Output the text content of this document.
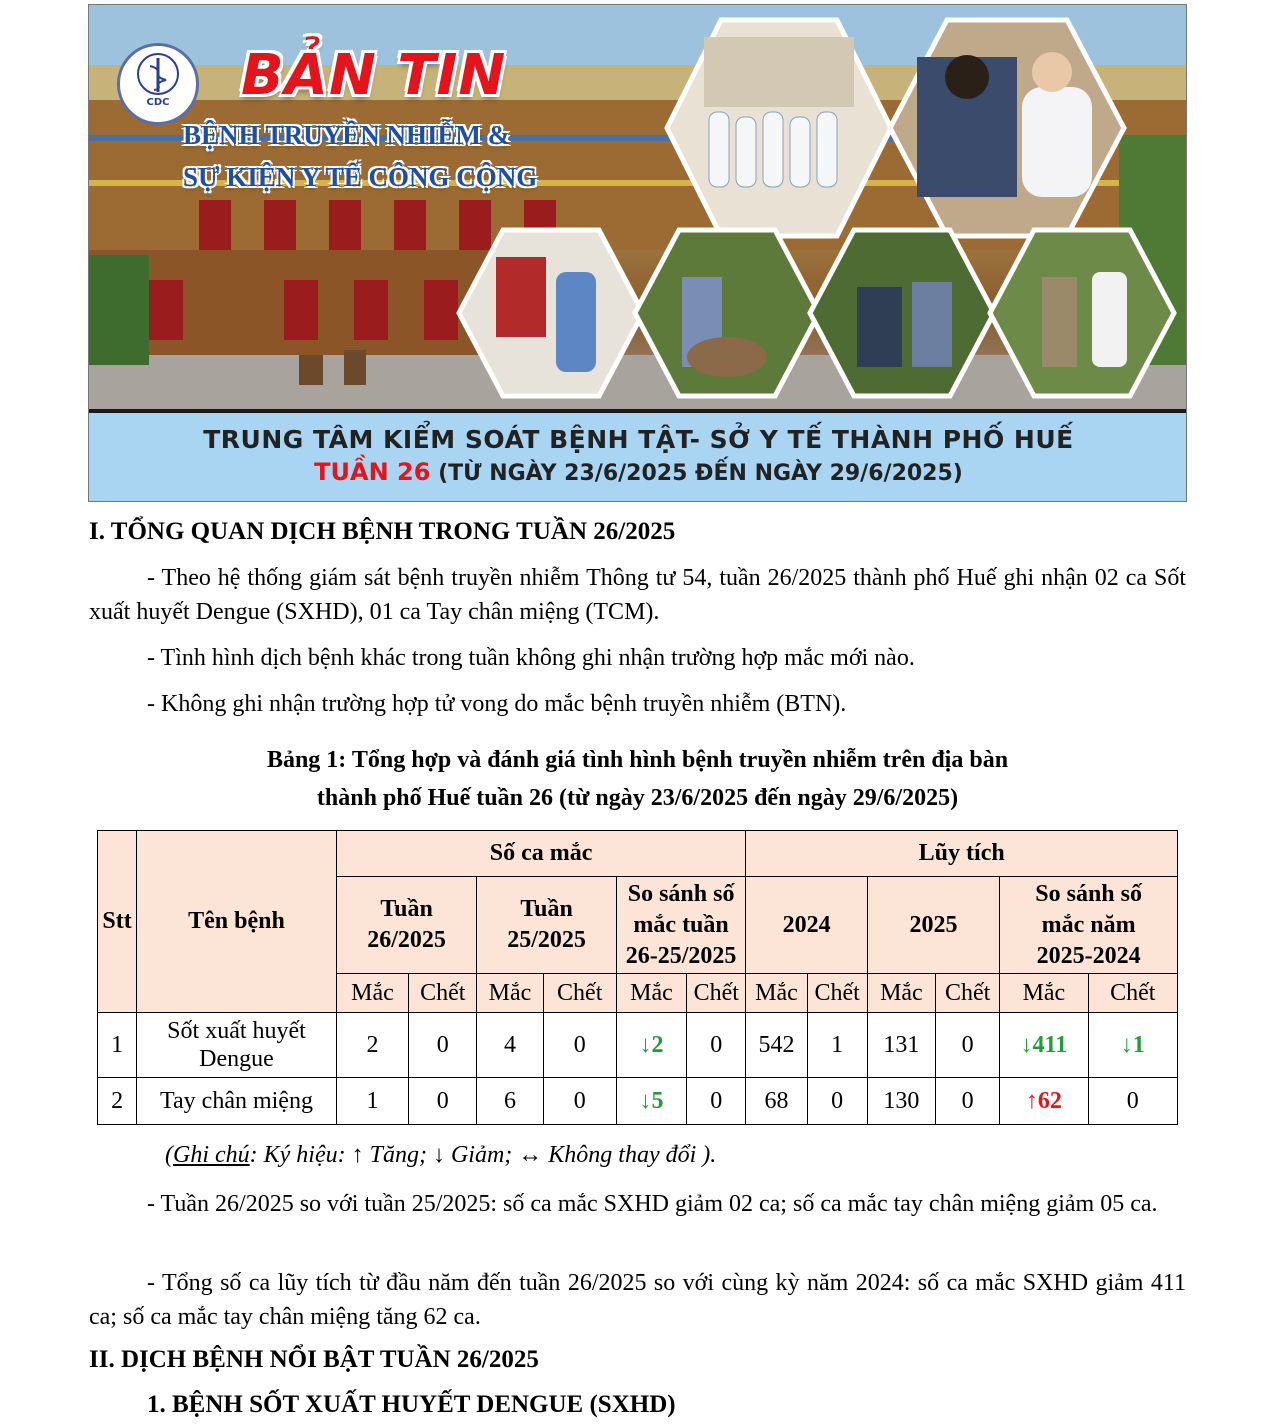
CDC	BẢN TIN

BỆNH TRUYỀN NHIỄM &

SỰ KIỆN Y TẾ CÔNG CỘNG

TRUNG TÂM KIỂM SOÁT BỆNH TẬT- SỞ Y TẾ THÀNH PHỐ HUẾ

TUẦN 26 (TỪ NGÀY 23/6/2025 ĐẾN NGÀY 29/6/2025)

I. TỔNG QUAN DỊCH BỆNH TRONG TUẦN 26/2025

- Theo hệ thống giám sát bệnh truyền nhiễm Thông tư 54, tuần 26/2025 thành phố Huế ghi nhận 02 ca Sốt xuất huyết Dengue (SXHD), 01 ca Tay chân miệng (TCM).

- Tình hình dịch bệnh khác trong tuần không ghi nhận trường hợp mắc mới nào.

- Không ghi nhận trường hợp tử vong do mắc bệnh truyền nhiễm (BTN).

Bảng 1: Tổng hợp và đánh giá tình hình bệnh truyền nhiễm trên địa bàn

thành phố Huế tuần 26 (từ ngày 23/6/2025 đến ngày 29/6/2025)

Stt	Tên bệnh	Số ca mắc						Lũy tích					
		Tuần
26/2025		Tuần
25/2025		So sánh số
mắc tuần
26-25/2025		2024		2025		So sánh số
mắc năm
2025-2024	
		Mắc	Chết	Mắc	Chết	Mắc	Chết	Mắc	Chết	Mắc	Chết	Mắc	Chết
1	Sốt xuất huyết
Dengue	2	0	4	0	↓2	0	542	1	131	0	↓411	↓1
2	Tay chân miệng	1	0	6	0	↓5	0	68	0	130	0	↑62	0

(Ghi chú: Ký hiệu: ↑ Tăng; ↓ Giảm; ↔ Không thay đổi ).

- Tuần 26/2025 so với tuần 25/2025: số ca mắc SXHD giảm 02 ca; số ca mắc tay chân miệng giảm 05 ca.

- Tổng số ca lũy tích từ đầu năm đến tuần 26/2025 so với cùng kỳ năm 2024: số ca mắc SXHD giảm 411 ca; số ca mắc tay chân miệng tăng 62 ca.

II. DỊCH BỆNH NỔI BẬT TUẦN 26/2025
1. BỆNH SỐT XUẤT HUYẾT DENGUE (SXHD)
